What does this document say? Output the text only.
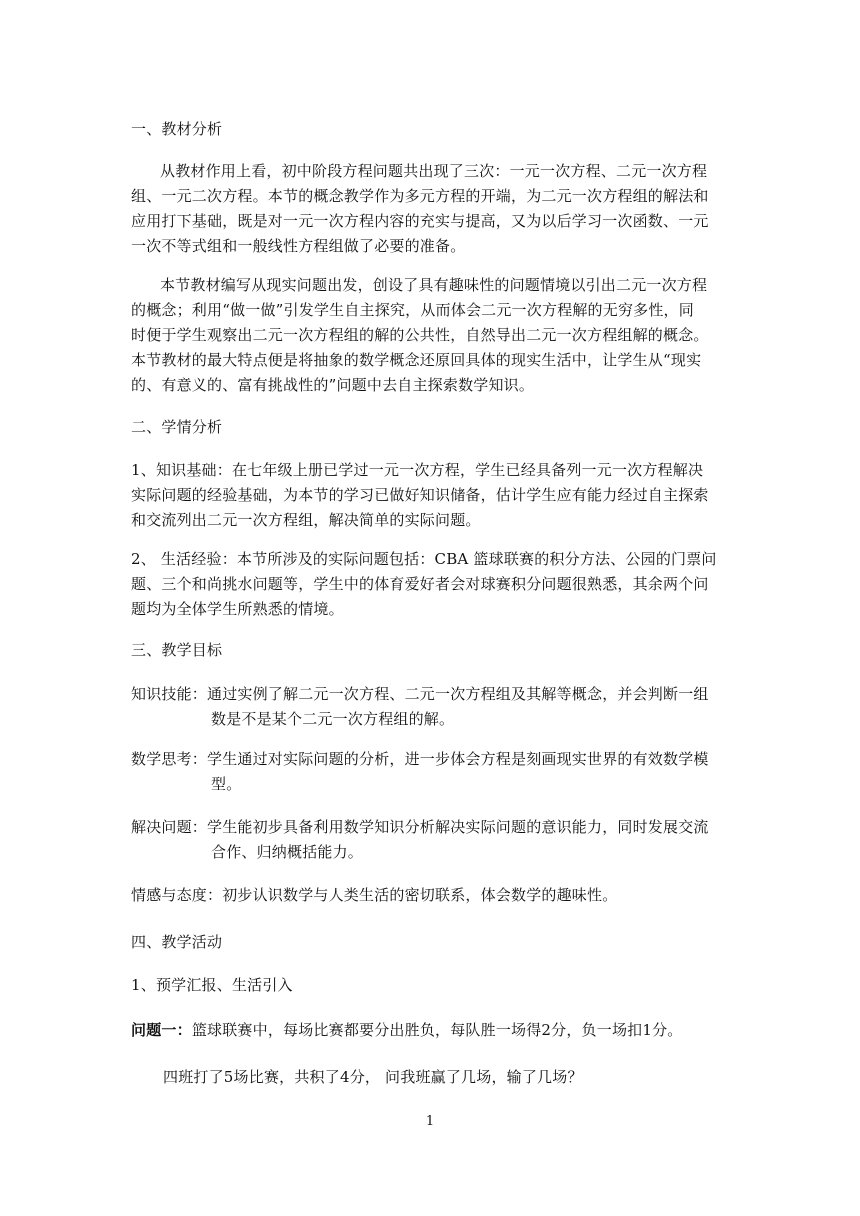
一、教材分析
从教材作用上看，初中阶段方程问题共出现了三次：一元一次方程、二元一次方程
组、一元二次方程。本节的概念教学作为多元方程的开端，为二元一次方程组的解法和
应用打下基础，既是对一元一次方程内容的充实与提高，又为以后学习一次函数、一元
一次不等式组和一般线性方程组做了必要的准备。
本节教材编写从现实问题出发，创设了具有趣味性的问题情境以引出二元一次方程
的概念；利用“做一做”引发学生自主探究，从而体会二元一次方程解的无穷多性，同
时便于学生观察出二元一次方程组的解的公共性，自然导出二元一次方程组解的概念。
本节教材的最大特点便是将抽象的数学概念还原回具体的现实生活中，让学生从“现实
的、有意义的、富有挑战性的”问题中去自主探索数学知识。
二、学情分析
1、知识基础：在七年级上册已学过一元一次方程，学生已经具备列一元一次方程解决
实际问题的经验基础，为本节的学习已做好知识储备，估计学生应有能力经过自主探索
和交流列出二元一次方程组，解决简单的实际问题。
2、 生活经验：本节所涉及的实际问题包括：CBA 篮球联赛的积分方法、公园的门票问
题、三个和尚挑水问题等，学生中的体育爱好者会对球赛积分问题很熟悉，其余两个问
题均为全体学生所熟悉的情境。
三、教学目标
知识技能：通过实例了解二元一次方程、二元一次方程组及其解等概念，并会判断一组
数是不是某个二元一次方程组的解。
数学思考：学生通过对实际问题的分析，进一步体会方程是刻画现实世界的有效数学模
型。
解决问题：学生能初步具备利用数学知识分析解决实际问题的意识能力，同时发展交流
合作、归纳概括能力。
情感与态度：初步认识数学与人类生活的密切联系，体会数学的趣味性。
四、教学活动
1、预学汇报、生活引入
问题一：篮球联赛中，每场比赛都要分出胜负，每队胜一场得2分，负一场扣1分。
四班打了5场比赛，共积了4分， 问我班赢了几场，输了几场？
1
